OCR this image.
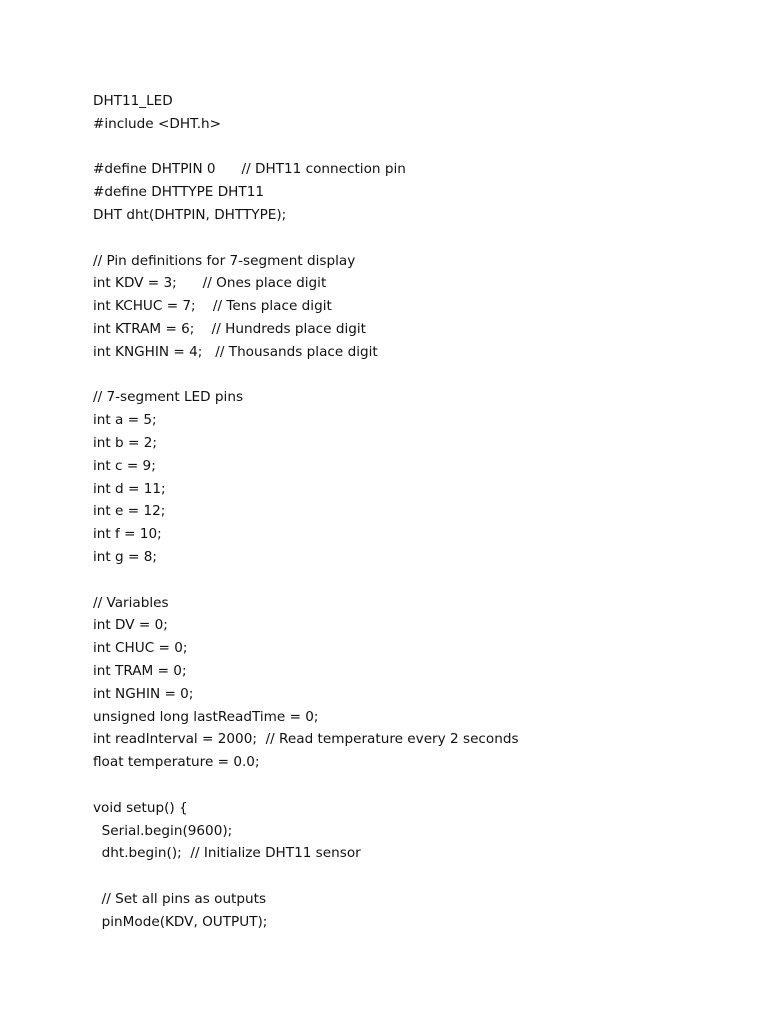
DHT11_LED
#include <DHT.h>
#define DHTPIN 0      // DHT11 connection pin
#define DHTTYPE DHT11
DHT dht(DHTPIN, DHTTYPE);
// Pin definitions for 7-segment display
int KDV = 3;      // Ones place digit
int KCHUC = 7;    // Tens place digit
int KTRAM = 6;    // Hundreds place digit
int KNGHIN = 4;   // Thousands place digit
// 7-segment LED pins
int a = 5;
int b = 2;
int c = 9;
int d = 11;
int e = 12;
int f = 10;
int g = 8;
// Variables
int DV = 0;
int CHUC = 0;
int TRAM = 0;
int NGHIN = 0;
unsigned long lastReadTime = 0;
int readInterval = 2000;  // Read temperature every 2 seconds
float temperature = 0.0;
void setup() {
Serial.begin(9600);
dht.begin();  // Initialize DHT11 sensor
// Set all pins as outputs
pinMode(KDV, OUTPUT);
